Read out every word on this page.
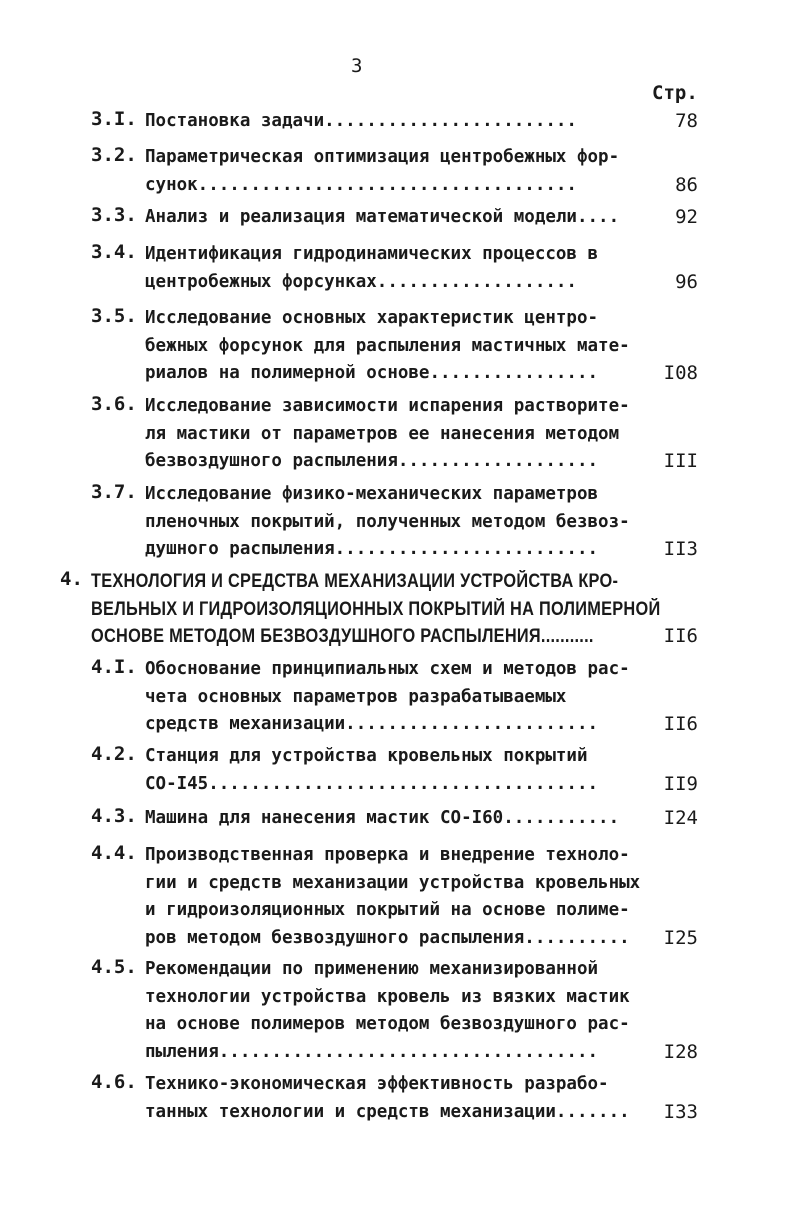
3
Стр.
3.I. Постановка задачи........................	78
3.2. Параметрическая оптимизация центробежных фор-
сунок....................................	86
3.3. Анализ и реализация математической модели....	92
3.4. Идентификация гидродинамических процессов в
центробежных форсунках...................	96
3.5. Исследование основных характеристик центро-
бежных форсунок для распыления мастичных мате-
риалов на полимерной основе................	I08
3.6. Исследование зависимости испарения растворите-
ля мастики от параметров ее нанесения методом
безвоздушного распыления...................	III
3.7. Исследование физико-механических параметров
пленочных покрытий, полученных методом безвоз-
душного распыления.........................	II3
4. ТЕХНОЛОГИЯ И СРЕДСТВА МЕХАНИЗАЦИИ УСТРОЙСТВА КРО-
ВЕЛЬНЫХ И ГИДРОИЗОЛЯЦИОННЫХ ПОКРЫТИЙ НА ПОЛИМЕРНОЙ
ОСНОВЕ МЕТОДОМ БЕЗВОЗДУШНОГО РАСПЫЛЕНИЯ...........	II6
4.I. Обоснование принципиальных схем и методов рас-
чета основных параметров разрабатываемых
средств механизации........................	II6
4.2. Станция для устройства кровельных покрытий
СО-I45.....................................	II9
4.3. Машина для нанесения мастик СО-I60...........	I24
4.4. Производственная проверка и внедрение техноло-
гии и средств механизации устройства кровельных
и гидроизоляционных покрытий на основе полиме-
ров методом безвоздушного распыления..........	I25
4.5. Рекомендации по применению механизированной
технологии устройства кровель из вязких мастик
на основе полимеров методом безвоздушного рас-
пыления....................................	I28
4.6. Технико-экономическая эффективность разрабо-
танных технологии и средств механизации.......	I33
